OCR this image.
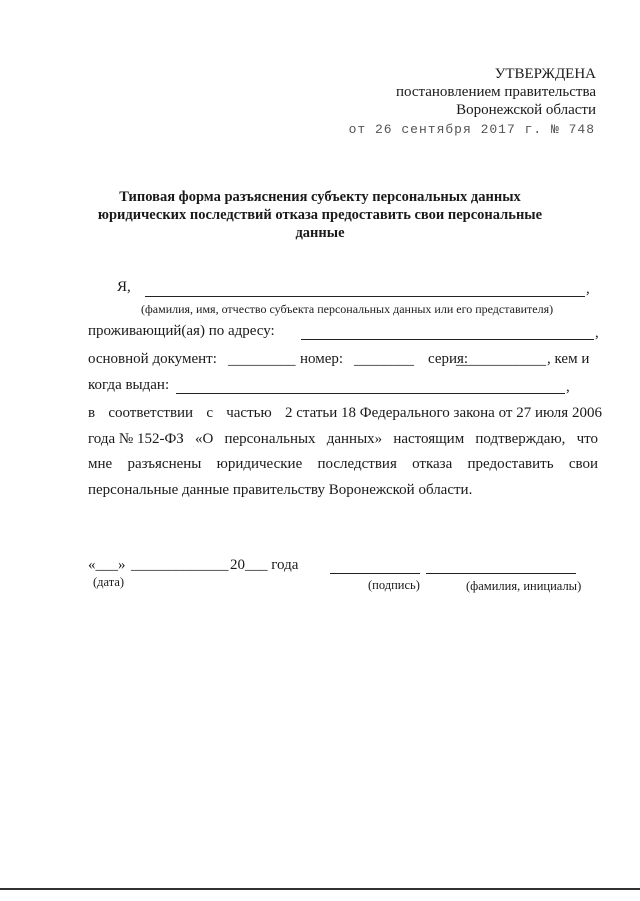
УТВЕРЖДЕНА
постановлением правительства
Воронежской области
от 26 сентября 2017 г. № 748
Типовая форма разъяснения субъекту персональных данных
юридических последствий отказа предоставить свои персональные
данные
Я,	,
(фамилия, имя, отчество субъекта персональных данных или его представителя)
проживающий(ая) по адресу:	,
основной документ: _________ номер: ________ серия:
____________ , кем и
когда выдан:	,
в соответствии с частью 2 статьи 18 Федерального закона от 27 июля 2006
года № 152-ФЗ «О персональных данных» настоящим подтверждаю, что
мне разъяснены юридические последствия отказа предоставить свои
персональные данные правительству Воронежской области.
«___» _____________ 20___ года
(дата)	(подпись)	(фамилия, инициалы)
